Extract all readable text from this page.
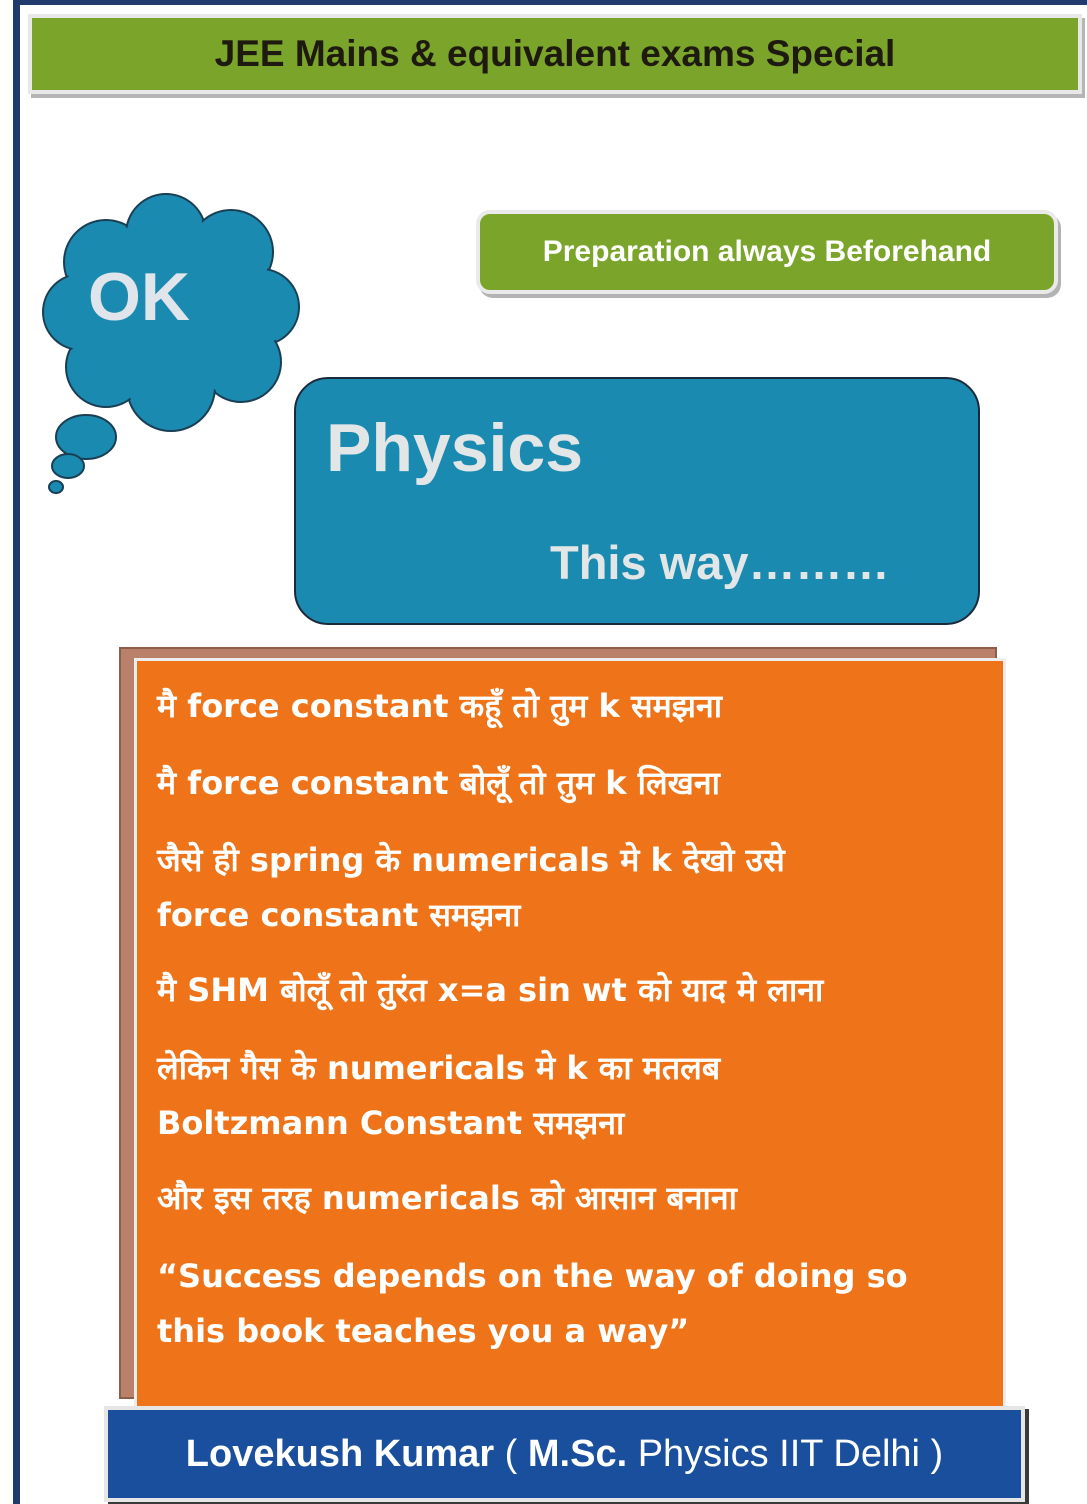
JEE Mains & equivalent exams Special
OK
Preparation always Beforehand
Physics
This way………

मै force constant कहूँ तो तुम k समझना

मै force constant बोलूँ तो तुम k लिखना

जैसे ही spring के numericals मे k देखो उसे

force constant समझना

मै SHM बोलूँ तो तुरंत x=a sin wt को याद मे लाना

लेकिन गैस के numericals मे k का मतलब

Boltzmann Constant समझना

और इस तरह numericals को आसान बनाना

“Success depends on the way of doing so

this book teaches you a way”

Lovekush Kumar ( M.Sc. Physics IIT Delhi )
